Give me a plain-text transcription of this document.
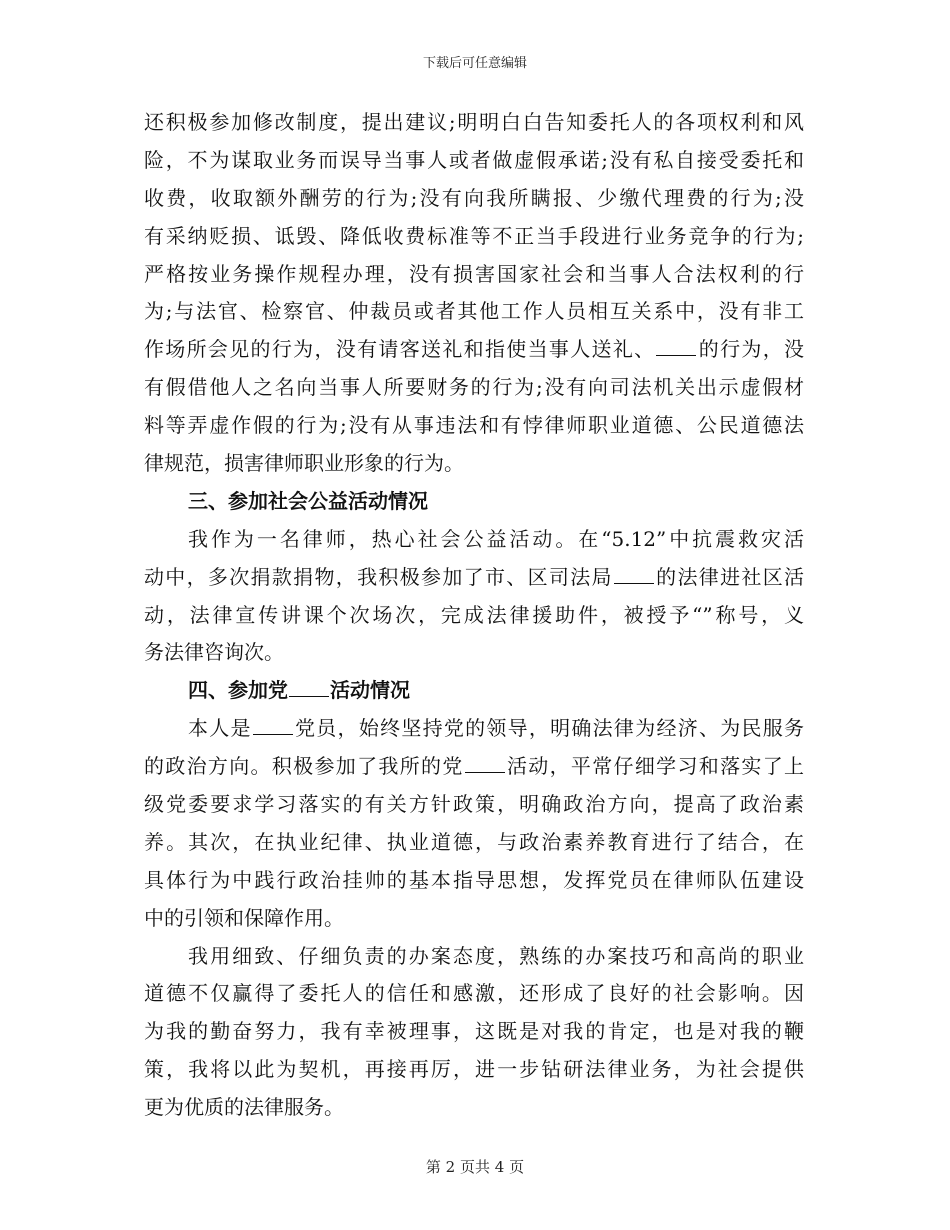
下载后可任意编辑
还积极参加修改制度，提出建议;明明白白告知委托人的各项权利和风
险，不为谋取业务而误导当事人或者做虚假承诺;没有私自接受委托和
收费，收取额外酬劳的行为;没有向我所瞒报、少缴代理费的行为;没
有采纳贬损、诋毁、降低收费标准等不正当手段进行业务竞争的行为;
严格按业务操作规程办理，没有损害国家社会和当事人合法权利的行
为;与法官、检察官、仲裁员或者其他工作人员相互关系中，没有非工
作场所会见的行为，没有请客送礼和指使当事人送礼、 的行为，没
有假借他人之名向当事人所要财务的行为;没有向司法机关出示虚假材
料等弄虚作假的行为;没有从事违法和有悖律师职业道德、公民道德法
律规范，损害律师职业形象的行为。
三、参加社会公益活动情况
我作为一名律师，热心社会公益活动。在“5.12”中抗震救灾活
动中，多次捐款捐物，我积极参加了市、区司法局 的法律进社区活
动，法律宣传讲课个次场次，完成法律援助件，被授予“”称号，义
务法律咨询次。
四、参加党 活动情况
本人是 党员，始终坚持党的领导，明确法律为经济、为民服务
的政治方向。积极参加了我所的党 活动，平常仔细学习和落实了上
级党委要求学习落实的有关方针政策，明确政治方向，提高了政治素
养。其次，在执业纪律、执业道德，与政治素养教育进行了结合，在
具体行为中践行政治挂帅的基本指导思想，发挥党员在律师队伍建设
中的引领和保障作用。
我用细致、仔细负责的办案态度，熟练的办案技巧和高尚的职业
道德不仅赢得了委托人的信任和感激，还形成了良好的社会影响。因
为我的勤奋努力，我有幸被理事，这既是对我的肯定，也是对我的鞭
策，我将以此为契机，再接再厉，进一步钻研法律业务，为社会提供
更为优质的法律服务。
第 2 页共 4 页
